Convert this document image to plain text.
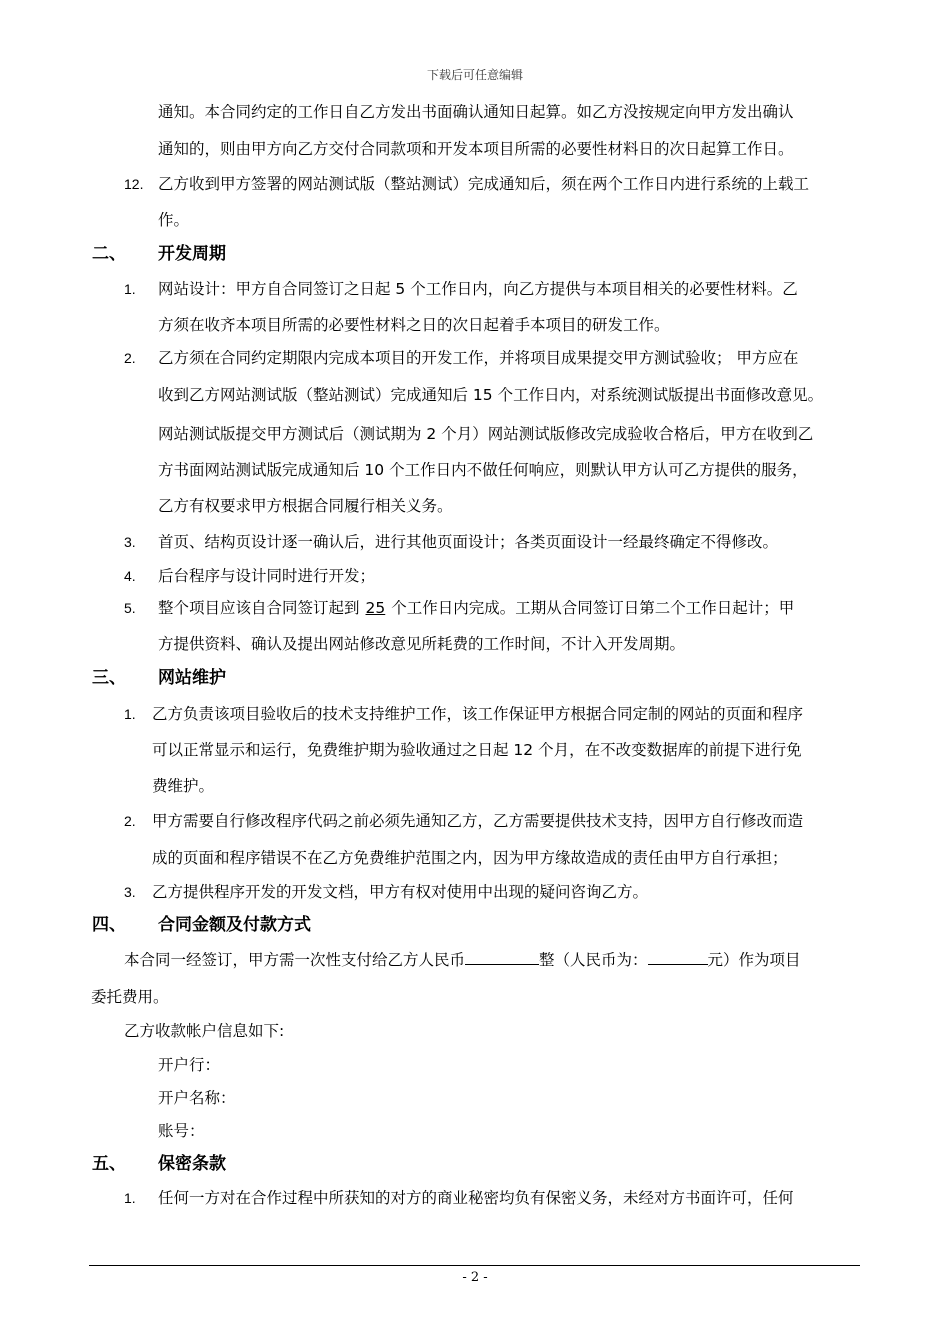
下载后可任意编辑
通知。本合同约定的工作日自乙方发出书面确认通知日起算。如乙方没按规定向甲方发出确认
通知的，则由甲方向乙方交付合同款项和开发本项目所需的必要性材料日的次日起算工作日。
12. 乙方收到甲方签署的网站测试版（整站测试）完成通知后，须在两个工作日内进行系统的上载工
作。
二、 开发周期
1. 网站设计：甲方自合同签订之日起 5 个工作日内，向乙方提供与本项目相关的必要性材料。乙
方须在收齐本项目所需的必要性材料之日的次日起着手本项目的研发工作。
2. 乙方须在合同约定期限内完成本项目的开发工作，并将项目成果提交甲方测试验收； 甲方应在
收到乙方网站测试版（整站测试）完成通知后 15 个工作日内，对系统测试版提出书面修改意见。
网站测试版提交甲方测试后（测试期为 2 个月）网站测试版修改完成验收合格后，甲方在收到乙
方书面网站测试版完成通知后 10 个工作日内不做任何响应，则默认甲方认可乙方提供的服务，
乙方有权要求甲方根据合同履行相关义务。
3. 首页、结构页设计逐一确认后，进行其他页面设计；各类页面设计一经最终确定不得修改。
4. 后台程序与设计同时进行开发；
5. 整个项目应该自合同签订起到 25 个工作日内完成。工期从合同签订日第二个工作日起计；甲
方提供资料、确认及提出网站修改意见所耗费的工作时间，不计入开发周期。
三、 网站维护
1. 乙方负责该项目验收后的技术支持维护工作，该工作保证甲方根据合同定制的网站的页面和程序
可以正常显示和运行，免费维护期为验收通过之日起 12 个月，在不改变数据库的前提下进行免
费维护。
2. 甲方需要自行修改程序代码之前必须先通知乙方，乙方需要提供技术支持，因甲方自行修改而造
成的页面和程序错误不在乙方免费维护范围之内，因为甲方缘故造成的责任由甲方自行承担；
3. 乙方提供程序开发的开发文档，甲方有权对使用中出现的疑问咨询乙方。
四、 合同金额及付款方式
本合同一经签订，甲方需一次性支付给乙方人民币	整（人民币为：	元）作为项目
委托费用。
乙方收款帐户信息如下:
开户行：
开户名称：
账号：
五、 保密条款
1. 任何一方对在合作过程中所获知的对方的商业秘密均负有保密义务，未经对方书面许可，任何
- 2 -
